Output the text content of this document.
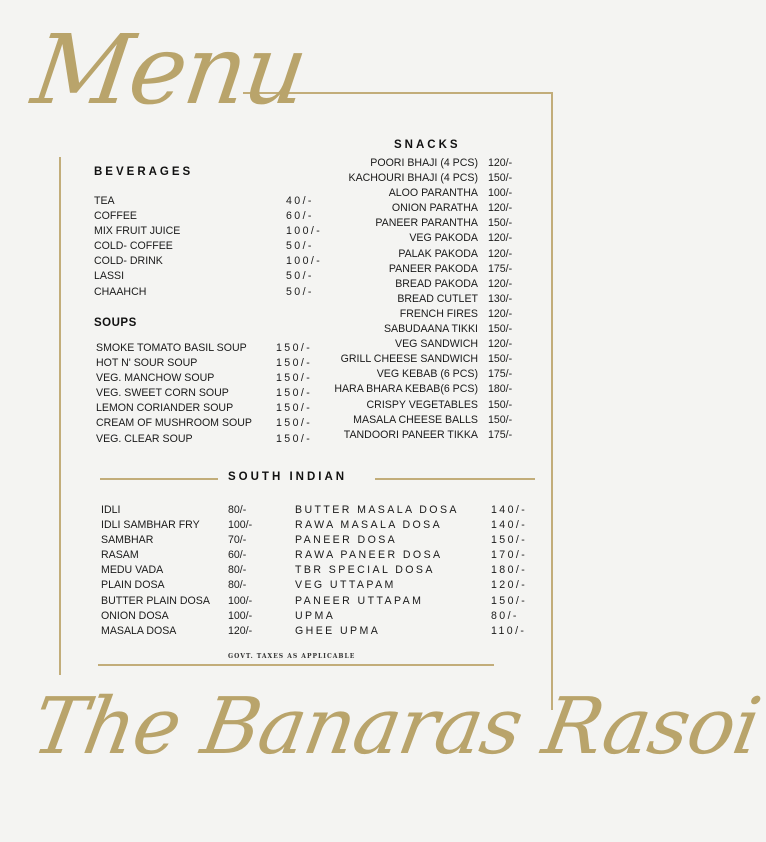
Menu
BEVERAGES
TEA	40/-
COFFEE	60/-
MIX FRUIT JUICE	100/-
COLD- COFFEE	50/-
COLD- DRINK	100/-
LASSI	50/-
CHAAHCH	50/-
SOUPS
SMOKE TOMATO BASIL SOUP	150/-
HOT N' SOUR SOUP	150/-
VEG. MANCHOW SOUP	150/-
VEG. SWEET CORN SOUP	150/-
LEMON CORIANDER SOUP	150/-
CREAM OF MUSHROOM SOUP 150/-
VEG. CLEAR SOUP	150/-
SNACKS
POORI BHAJI (4 PCS) 120/-
KACHOURI BHAJI (4 PCS) 150/-
ALOO PARANTHA 100/-
ONION PARATHA 120/-
PANEER PARANTHA 150/-
VEG PAKODA 120/-
PALAK PAKODA 120/-
PANEER PAKODA 175/-
BREAD PAKODA 120/-
BREAD CUTLET 130/-
FRENCH FIRES 120/-
SABUDAANA TIKKI 150/-
VEG SANDWICH 120/-
GRILL CHEESE SANDWICH 150/-
VEG KEBAB (6 PCS) 175/-
HARA BHARA KEBAB(6 PCS) 180/-
CRISPY VEGETABLES 150/-
MASALA CHEESE BALLS 150/-
TANDOORI PANEER TIKKA 175/-
SOUTH INDIAN
IDLI	80/-
IDLI SAMBHAR FRY	100/-
SAMBHAR	70/-
RASAM	60/-
MEDU VADA	80/-
PLAIN DOSA	80/-
BUTTER PLAIN DOSA 100/-
ONION DOSA	100/-
MASALA DOSA	120/-
BUTTER MASALA DOSA	140/-
RAWA MASALA DOSA	140/-
PANEER DOSA	150/-
RAWA PANEER DOSA	170/-
TBR SPECIAL DOSA	180/-
VEG UTTAPAM	120/-
PANEER UTTAPAM	150/-
UPMA	80/-
GHEE UPMA	110/-
GOVT. TAXES AS APPLICABLE
The Banaras Rasoi
